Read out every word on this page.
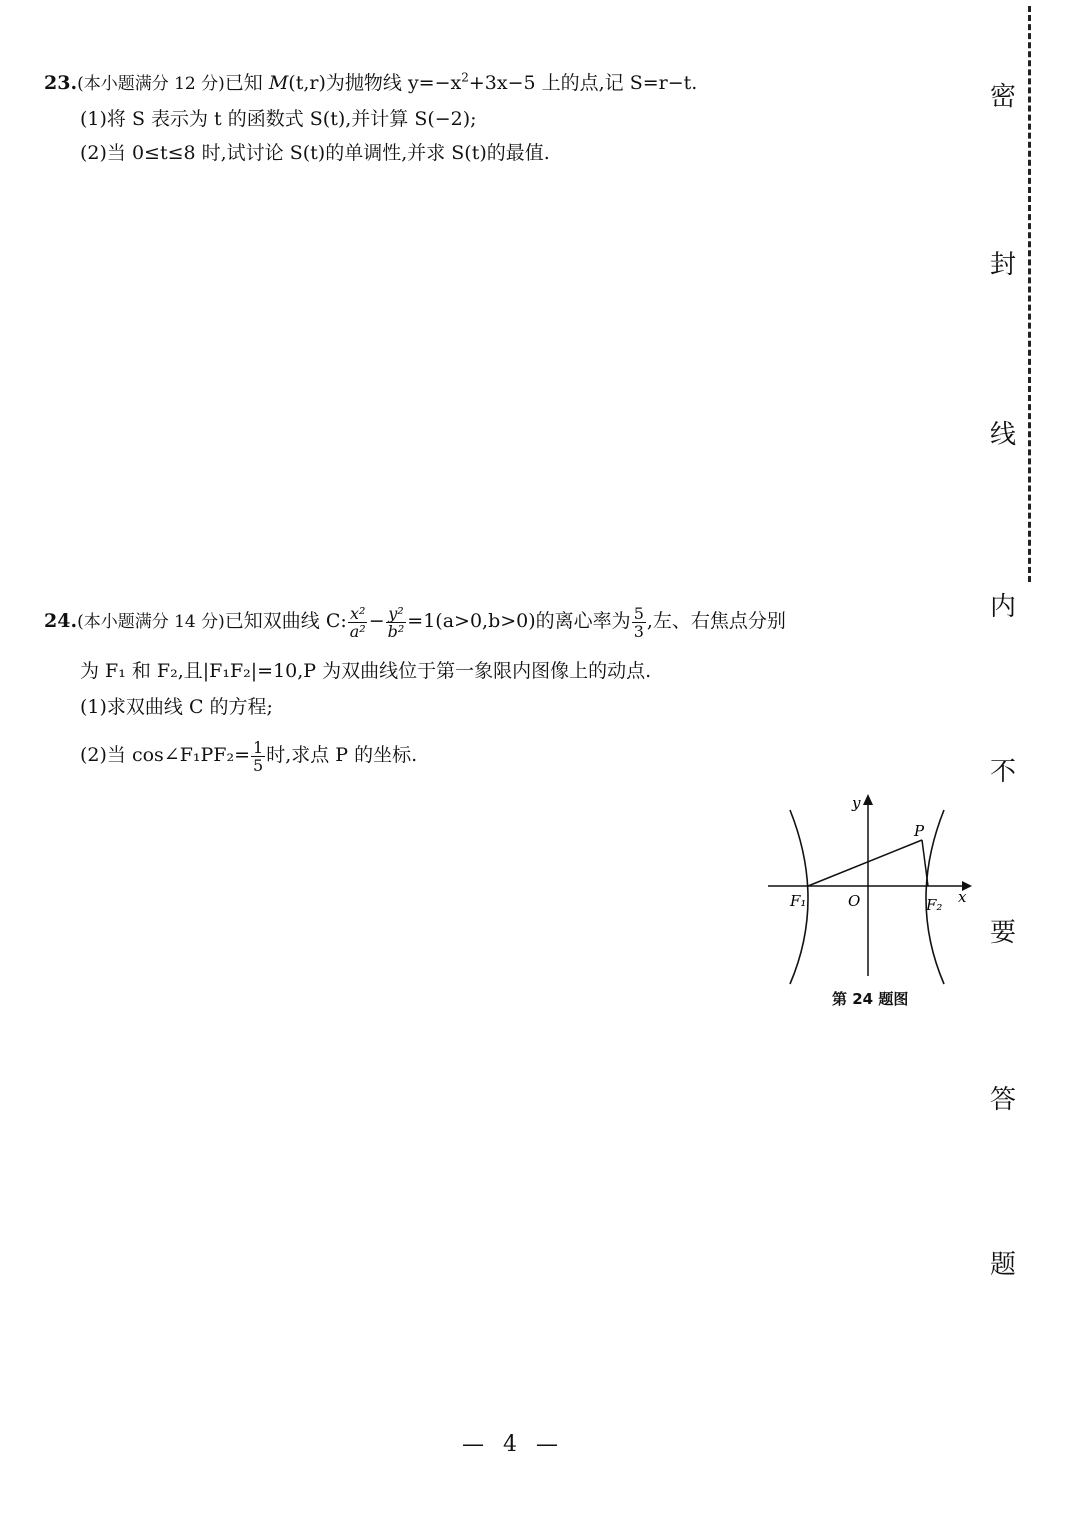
23.(本小题满分 12 分)已知 M(t,r)为抛物线 $y=-x^2+3x-5$ 上的点,记 S=r−t.
(1)将 S 表示为 t 的函数式 S(t),并计算 S(−2);
(2)当 0≤t≤8 时,试讨论 S(t)的单调性,并求 S(t)的最值.
24.(本小题满分 14 分)已知双曲线 C: $\frac{\text{x²}}{\text{a²}} - \frac{\text{y²}}{\text{b²}} =1(a>0,b>0)$的离心率为 $\frac{5}{3}$ ,左、右焦点分别
为 F₁ 和 F₂,且|F₁F₂|=10,P 为双曲线位于第一象限内图像上的动点.
(1)求双曲线 C 的方程;
(2)当 cos∠F₁PF₂= $\frac{1}{5}$ 时,求点 P 的坐标.
y
x
O
P
F₁	F₂
第 24 题图
密
封
线
内
不
要
答
题
— 4 —
